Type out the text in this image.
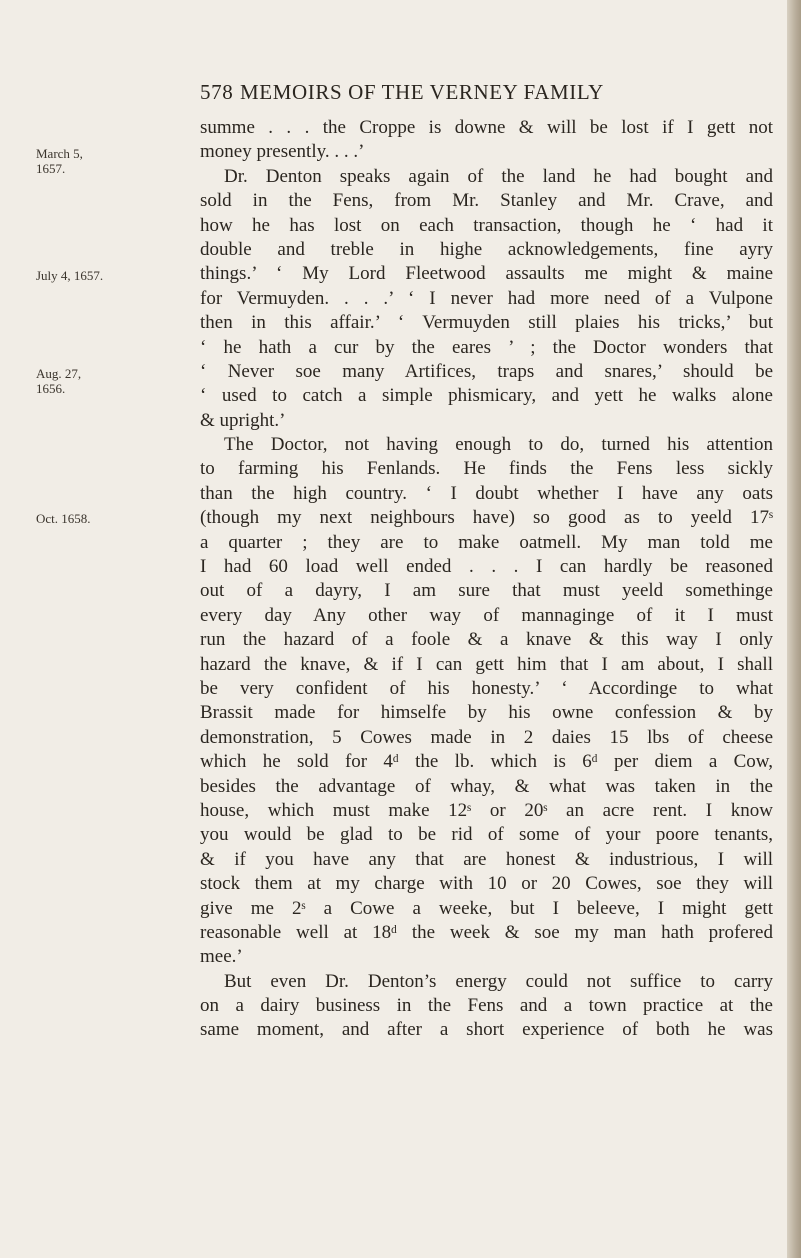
578 MEMOIRS OF THE VERNEY FAMILY
March 5, 1657.
July 4, 1657.
Aug. 27, 1656.
Oct. 1658.
summe . . . the Croppe is downe & will be lost if I gett not
money presently. . . .’
Dr. Denton speaks again of the land he had bought and
sold in the Fens, from Mr. Stanley and Mr. Crave, and
how he has lost on each transaction, though he ‘ had it
double and treble in highe acknowledgements, fine ayry
things.’ ‘ My Lord Fleetwood assaults me might & maine
for Vermuyden. . . .’ ‘ I never had more need of a Vulpone
then in this affair.’ ‘ Vermuyden still plaies his tricks,’ but
‘ he hath a cur by the eares ’ ; the Doctor wonders that
‘ Never soe many Artifices, traps and snares,’ should be
‘ used to catch a simple phismicary, and yett he walks alone
& upright.’
The Doctor, not having enough to do, turned his attention
to farming his Fenlands. He finds the Fens less sickly
than the high country. ‘ I doubt whether I have any oats
(though my next neighbours have) so good as to yeeld 17ˢ
a quarter ; they are to make oatmell. My man told me
I had 60 load well ended . . . I can hardly be reasoned
out of a dayry, I am sure that must yeeld somethinge
every day Any other way of mannaginge of it I must
run the hazard of a foole & a knave & this way I only
hazard the knave, & if I can gett him that I am about, I shall
be very confident of his honesty.’ ‘ Accordinge to what
Brassit made for himselfe by his owne confession & by
demonstration, 5 Cowes made in 2 daies 15 lbs of cheese
which he sold for 4ᵈ the lb. which is 6ᵈ per diem a Cow,
besides the advantage of whay, & what was taken in the
house, which must make 12ˢ or 20ˢ an acre rent. I know
you would be glad to be rid of some of your poore tenants,
& if you have any that are honest & industrious, I will
stock them at my charge with 10 or 20 Cowes, soe they will
give me 2ˢ a Cowe a weeke, but I beleeve, I might gett
reasonable well at 18ᵈ the week & soe my man hath profered
mee.’
But even Dr. Denton’s energy could not suffice to carry
on a dairy business in the Fens and a town practice at the
same moment, and after a short experience of both he was
